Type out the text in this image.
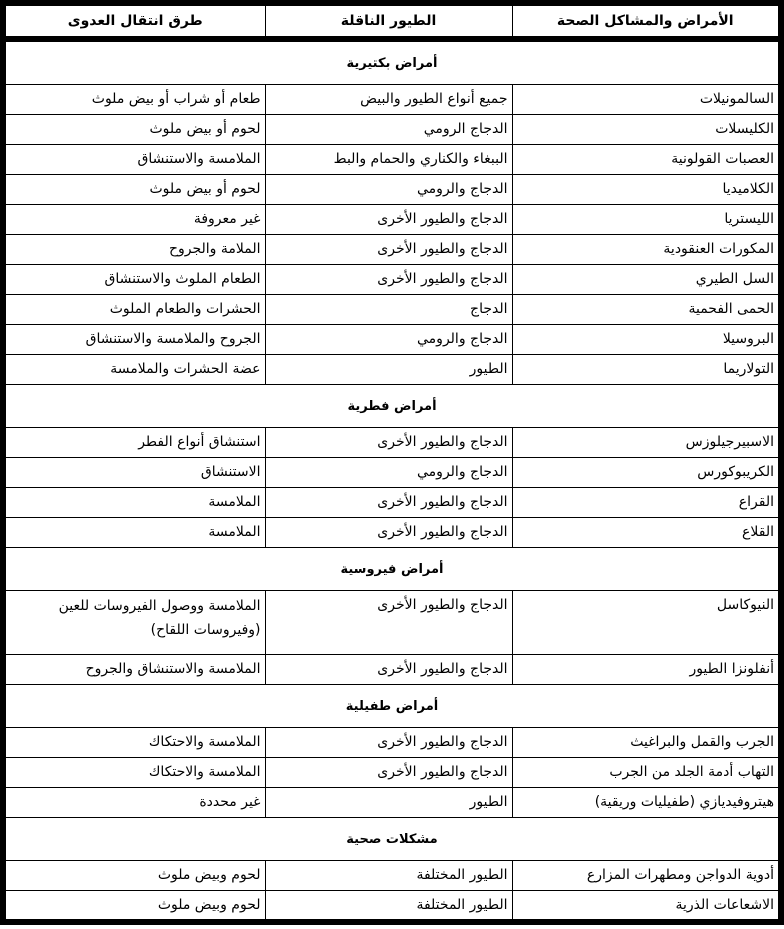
الأمراض والمشاكل الصحة	الطيور الناقلة	طرق انتقال العدوى
أمراض بكتيرية		
السالمونيلات	جميع أنواع الطيور والبيض	طعام أو شراب أو بيض ملوث
الكليسلات	الدجاج الرومي	لحوم أو بيض ملوث
العصبات القولونية	الببغاء والكناري والحمام والبط	الملامسة والاستنشاق
الكلاميديا	الدجاج والرومي	لحوم أو بيض ملوث
الليستريا	الدجاج والطيور الأخرى	غير معروفة
المكورات العنقودية	الدجاج والطيور الأخرى	الملامة والجروح
السل الطيري	الدجاج والطيور الأخرى	الطعام الملوث والاستنشاق
الحمى الفحمية	الدجاج	الحشرات والطعام الملوث
البروسيلا	الدجاج والرومي	الجروح والملامسة والاستنشاق
التولاريما	الطيور	عضة الحشرات والملامسة
أمراض فطرية		
الاسبيرجيلوزس	الدجاج والطيور الأخرى	استنشاق أنواع الفطر
الكريبوكورس	الدجاج والرومي	الاستنشاق
القراع	الدجاج والطيور الأخرى	الملامسة
القلاع	الدجاج والطيور الأخرى	الملامسة
أمراض فيروسية		
النيوكاسل	الدجاج والطيور الأخرى	الملامسة ووصول الفيروسات للعين (وفيروسات اللقاح)
أنفلونزا الطيور	الدجاج والطيور الأخرى	الملامسة والاستنشاق والجروح
أمراض طفيلية		
الجرب والقمل والبراغيث	الدجاج والطيور الأخرى	الملامسة والاحتكاك
التهاب أدمة الجلد من الجرب	الدجاج والطيور الأخرى	الملامسة والاحتكاك
هيتروفيديازي (طفيليات وريقية)	الطيور	غير محددة
مشكلات صحية		
أدوية الدواجن ومطهرات المزارع	الطيور المختلفة	لحوم وبيض ملوث
الاشعاعات الذرية	الطيور المختلفة	لحوم وبيض ملوث
